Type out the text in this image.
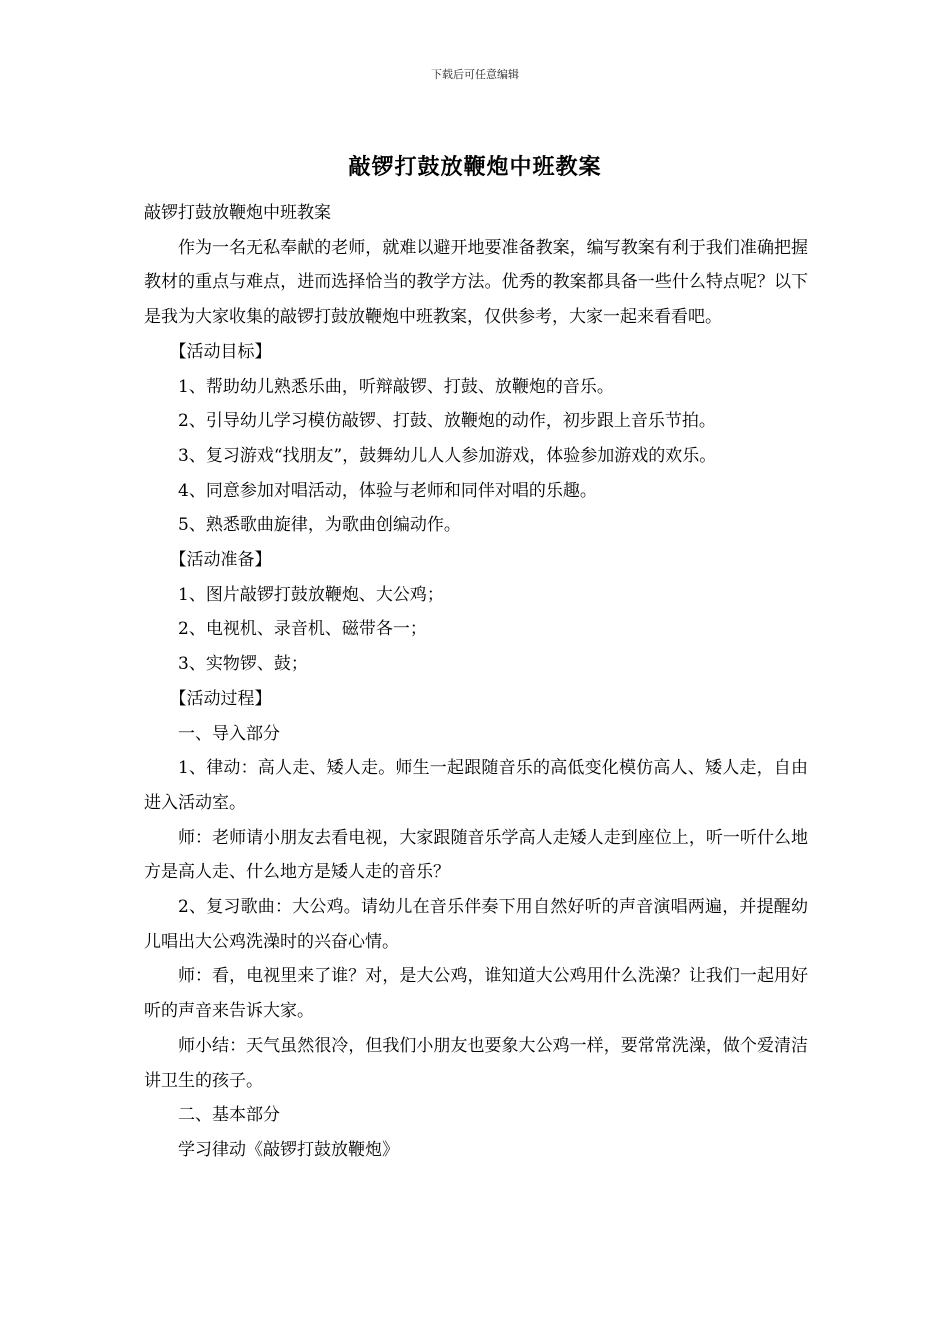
下载后可任意编辑
敲锣打鼓放鞭炮中班教案

敲锣打鼓放鞭炮中班教案

作为一名无私奉献的老师，就难以避开地要准备教案，编写教案有利于我们准确把握教材的重点与难点，进而选择恰当的教学方法。优秀的教案都具备一些什么特点呢？以下是我为大家收集的敲锣打鼓放鞭炮中班教案，仅供参考，大家一起来看看吧。

【活动目标】

1、帮助幼儿熟悉乐曲，听辩敲锣、打鼓、放鞭炮的音乐。

2、引导幼儿学习模仿敲锣、打鼓、放鞭炮的动作，初步跟上音乐节拍。

3、复习游戏“找朋友”，鼓舞幼儿人人参加游戏，体验参加游戏的欢乐。

4、同意参加对唱活动，体验与老师和同伴对唱的乐趣。

5、熟悉歌曲旋律，为歌曲创编动作。

【活动准备】

1、图片敲锣打鼓放鞭炮、大公鸡；

2、电视机、录音机、磁带各一；

3、实物锣、鼓；

【活动过程】

一、导入部分

1、律动：高人走、矮人走。师生一起跟随音乐的高低变化模仿高人、矮人走，自由进入活动室。

师：老师请小朋友去看电视，大家跟随音乐学高人走矮人走到座位上，听一听什么地方是高人走、什么地方是矮人走的音乐？

2、复习歌曲：大公鸡。请幼儿在音乐伴奏下用自然好听的声音演唱两遍，并提醒幼儿唱出大公鸡洗澡时的兴奋心情。

师：看，电视里来了谁？对，是大公鸡，谁知道大公鸡用什么洗澡？让我们一起用好听的声音来告诉大家。

师小结：天气虽然很冷，但我们小朋友也要象大公鸡一样，要常常洗澡，做个爱清洁讲卫生的孩子。

二、基本部分

学习律动《敲锣打鼓放鞭炮》
